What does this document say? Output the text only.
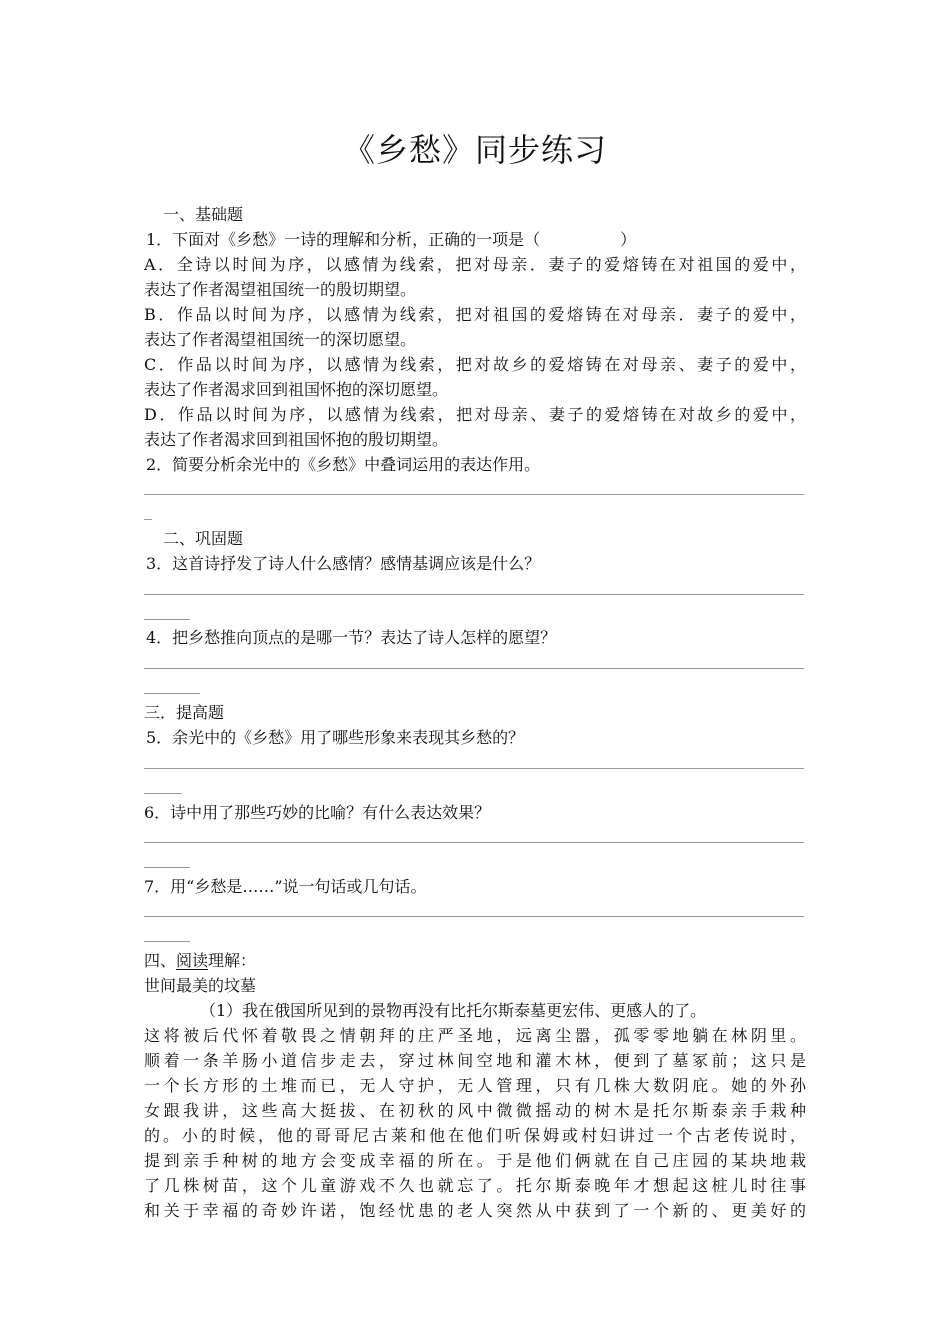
《乡愁》同步练习
一、基础题
1．下面对《乡愁》一诗的理解和分析，正确的一项是（　　　　　）
A．全诗以时间为序，以感情为线索，把对母亲．妻子的爱熔铸在对祖国的爱中，
表达了作者渴望祖国统一的殷切期望。
B．作品以时间为序，以感情为线索，把对祖国的爱熔铸在对母亲．妻子的爱中，
表达了作者渴望祖国统一的深切愿望。
C．作品以时间为序，以感情为线索，把对故乡的爱熔铸在对母亲、妻子的爱中，
表达了作者渴求回到祖国怀抱的深切愿望。
D．作品以时间为序，以感情为线索，把对母亲、妻子的爱熔铸在对故乡的爱中，
表达了作者渴求回到祖国怀抱的殷切期望。
2．简要分析余光中的《乡愁》中叠词运用的表达作用。
二、巩固题
3．这首诗抒发了诗人什么感情？感情基调应该是什么？
4．把乡愁推向顶点的是哪一节？表达了诗人怎样的愿望？
三．提高题
5．余光中的《乡愁》用了哪些形象来表现其乡愁的？
6．诗中用了那些巧妙的比喻？有什么表达效果？
7．用“乡愁是……”说一句话或几句话。
四、阅读理解：
世间最美的坟墓
（1）我在俄国所见到的景物再没有比托尔斯泰墓更宏伟、更感人的了。
这将被后代怀着敬畏之情朝拜的庄严圣地，远离尘嚣，孤零零地躺在林阴里。
顺着一条羊肠小道信步走去，穿过林间空地和灌木林，便到了墓冢前；这只是
一个长方形的土堆而已，无人守护，无人管理，只有几株大数阴庇。她的外孙
女跟我讲，这些高大挺拔、在初秋的风中微微摇动的树木是托尔斯泰亲手栽种
的。小的时候，他的哥哥尼古莱和他在他们听保姆或村妇讲过一个古老传说时，
提到亲手种树的地方会变成幸福的所在。于是他们俩就在自己庄园的某块地栽
了几株树苗，这个儿童游戏不久也就忘了。托尔斯泰晚年才想起这桩儿时往事
和关于幸福的奇妙许诺，饱经忧患的老人突然从中获到了一个新的、更美好的
